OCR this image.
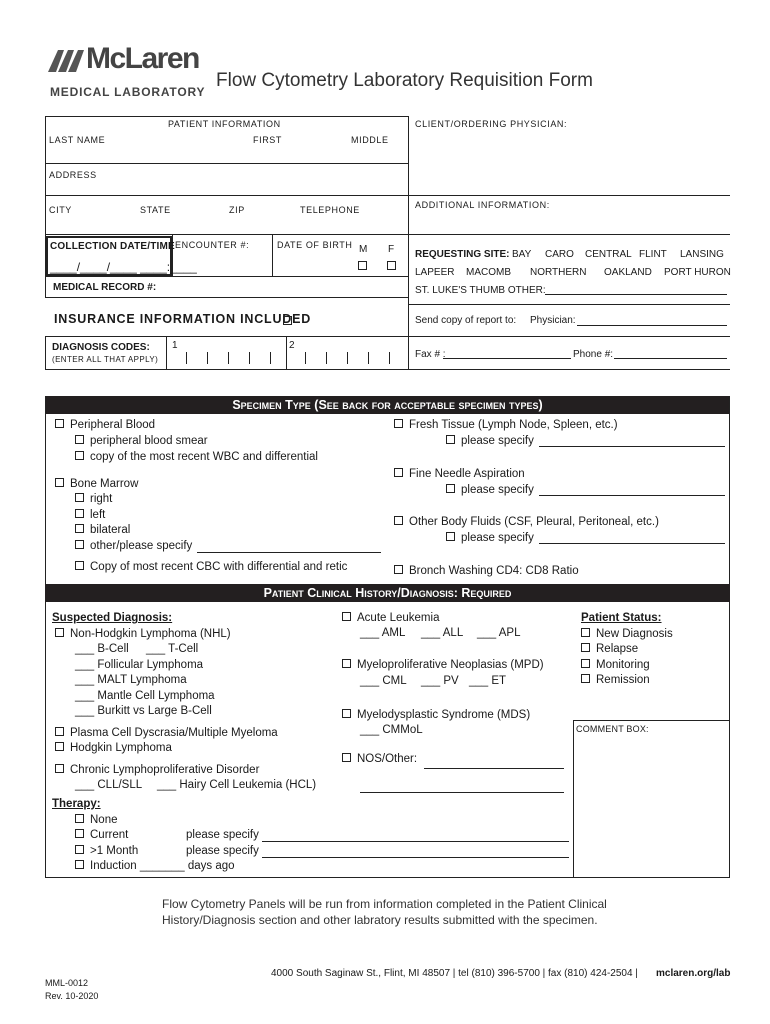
McLaren
MEDICAL LABORATORY
Flow Cytometry Laboratory Requisition Form
PATIENT INFORMATION
LAST NAME	FIRST	MIDDLE
ADDRESS
CITY	STATE	ZIP	TELEPHONE
COLLECTION DATE/TIME
____/____/____ ____:____
ENCOUNTER #:	DATE OF BIRTH M F
MEDICAL RECORD #:
INSURANCE INFORMATION INCLUDED
DIAGNOSIS CODES:
(ENTER ALL THAT APPLY)
1	2
CLIENT/ORDERING PHYSICIAN:
ADDITIONAL INFORMATION:
REQUESTING SITE: BAY CARO CENTRAL FLINT LANSING
LAPEER MACOMB NORTHERN OAKLAND PORT HURON
ST. LUKE'S THUMB OTHER:
Send copy of report to: Physician:
Fax # :	Phone #:
Specimen Type (See back for acceptable specimen types)
Peripheral Blood
peripheral blood smear
copy of the most recent WBC and differential
Bone Marrow
right
left
bilateral
other/please specify
Copy of most recent CBC with differential and retic
Fresh Tissue (Lymph Node, Spleen, etc.)
please specify
Fine Needle Aspiration
please specify
Other Body Fluids (CSF, Pleural, Peritoneal, etc.)
please specify
Bronch Washing CD4: CD8 Ratio
Patient Clinical History/Diagnosis: Required
Suspected Diagnosis:
Non-Hodgkin Lymphoma (NHL)
___ B-Cell ___ T-Cell
___ Follicular Lymphoma
___ MALT Lymphoma
___ Mantle Cell Lymphoma
___ Burkitt vs Large B-Cell
Plasma Cell Dyscrasia/Multiple Myeloma
Hodgkin Lymphoma
Chronic Lymphoproliferative Disorder
___ CLL/SLL ___ Hairy Cell Leukemia (HCL)
Therapy:
None
Current
>1 Month
Induction _______ days ago
please specify
please specify
Acute Leukemia
___ AML ___ ALL ___ APL
Myeloproliferative Neoplasias (MPD)
___ CML ___ PV ___ ET
Myelodysplastic Syndrome (MDS)
___ CMMoL
NOS/Other:
Patient Status:
New Diagnosis
Relapse
Monitoring
Remission
COMMENT BOX:
Flow Cytometry Panels will be run from information completed in the Patient Clinical
History/Diagnosis section and other labratory results submitted with the specimen.
MML-0012
Rev. 10-2020
4000 South Saginaw St., Flint, MI 48507 | tel (810) 396-5700 | fax (810) 424-2504 | mclaren.org/lab
